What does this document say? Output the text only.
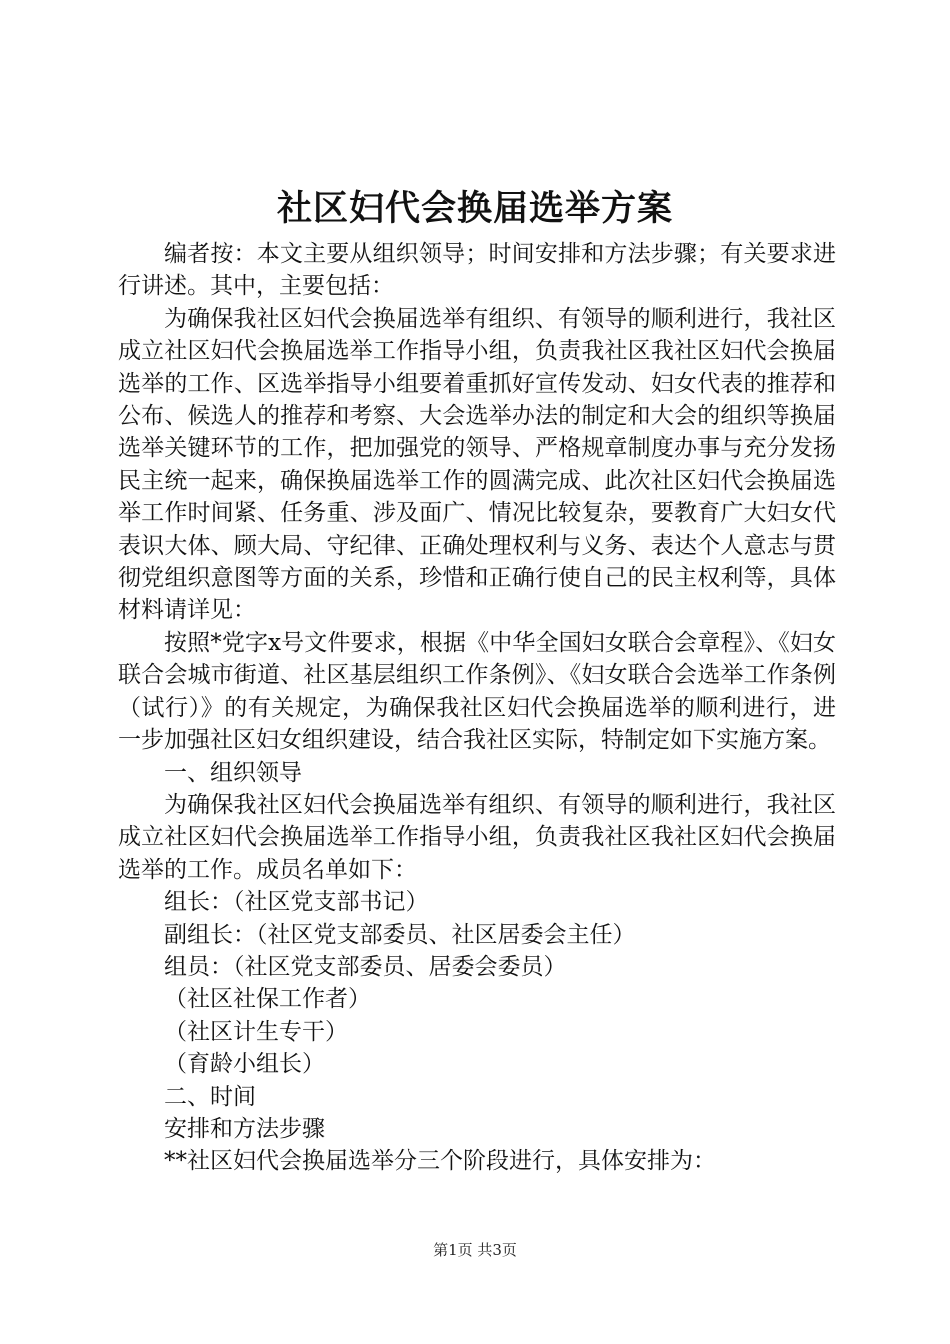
社区妇代会换届选举方案

编者按：本文主要从组织领导；时间安排和方法步骤；有关要求进行讲述。其中，主要包括：

为确保我社区妇代会换届选举有组织、有领导的顺利进行，我社区成立社区妇代会换届选举工作指导小组，负责我社区我社区妇代会换届选举的工作、区选举指导小组要着重抓好宣传发动、妇女代表的推荐和公布、候选人的推荐和考察、大会选举办法的制定和大会的组织等换届选举关键环节的工作，把加强党的领导、严格规章制度办事与充分发扬民主统一起来，确保换届选举工作的圆满完成、此次社区妇代会换届选举工作时间紧、任务重、涉及面广、情况比较复杂，要教育广大妇女代表识大体、顾大局、守纪律、正确处理权利与义务、表达个人意志与贯彻党组织意图等方面的关系，珍惜和正确行使自己的民主权利等，具体材料请详见：

按照*党字x号文件要求，根据《中华全国妇女联合会章程》、《妇女联合会城市街道、社区基层组织工作条例》、《妇女联合会选举工作条例（试行）》的有关规定，为确保我社区妇代会换届选举的顺利进行，进一步加强社区妇女组织建设，结合我社区实际，特制定如下实施方案。

一、组织领导

为确保我社区妇代会换届选举有组织、有领导的顺利进行，我社区成立社区妇代会换届选举工作指导小组，负责我社区我社区妇代会换届选举的工作。成员名单如下：

组长：（社区党支部书记）

副组长：（社区党支部委员、社区居委会主任）

组员：（社区党支部委员、居委会委员）

（社区社保工作者）

（社区计生专干）

（育龄小组长）

二、时间

安排和方法步骤

**社区妇代会换届选举分三个阶段进行，具体安排为：

第1页 共3页
